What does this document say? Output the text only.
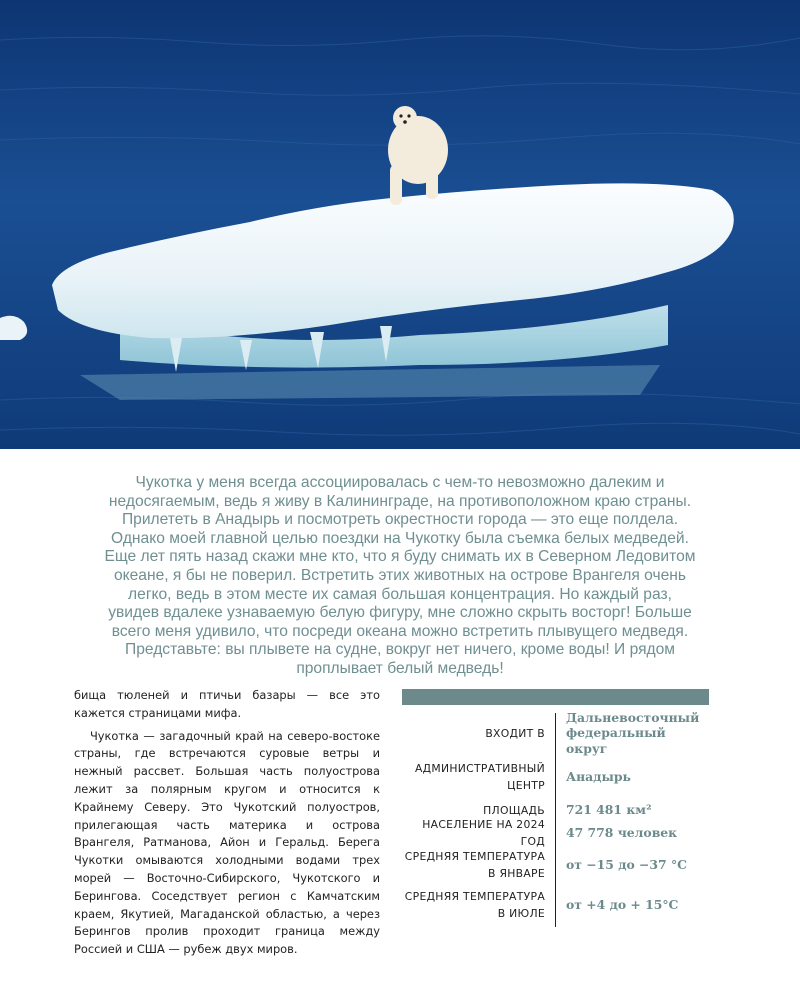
Чукотка у меня всегда ассоциировалась с чем-то невозможно далеким и недосягаемым, ведь я живу в Калининграде, на противоположном краю страны. Прилететь в Анадырь и посмотреть окрестности города — это еще полдела. Однако моей главной целью поездки на Чукотку была съемка белых медведей. Еще лет пять назад скажи мне кто, что я буду снимать их в Северном Ледовитом океане, я бы не поверил. Встретить этих животных на острове Врангеля очень легко, ведь в этом месте их самая большая концентрация. Но каждый раз, увидев вдалеке узнаваемую белую фигуру, мне сложно скрыть восторг! Больше всего меня удивило, что посреди океана можно встретить плывущего медведя. Представьте: вы плывете на судне, вокруг нет ничего, кроме воды! И рядом проплывает белый медведь!

бища тюленей и птичьи базары — все это кажется страницами мифа.

Чукотка — загадочный край на северо-востоке страны, где встречаются суровые ветры и нежный рассвет. Большая часть полуострова лежит за полярным кругом и относится к Крайнему Северу. Это Чукотский полуостров, прилегающая часть материка и острова Врангеля, Ратманова, Айон и Геральд. Берега Чукотки омываются холодными водами трех морей — Восточно-Сибирского, Чукотского и Берингова. Соседствует регион с Камчатским краем, Якутией, Магаданской областью, а через Берингов пролив проходит граница между Россией и США — рубеж двух миров.

ВХОДИТ В
Дальневосточный федеральный округ
АДМИНИСТРАТИВНЫЙ ЦЕНТР
Анадырь
ПЛОЩАДЬ 721 481 км²
НАСЕЛЕНИЕ НА 2024 ГОД
47 778 человек
СРЕДНЯЯ ТЕМПЕРАТУРА В ЯНВАРЕ
от −15 до −37 °C
СРЕДНЯЯ ТЕМПЕРАТУРА В ИЮЛЕ
от +4 до + 15°C
